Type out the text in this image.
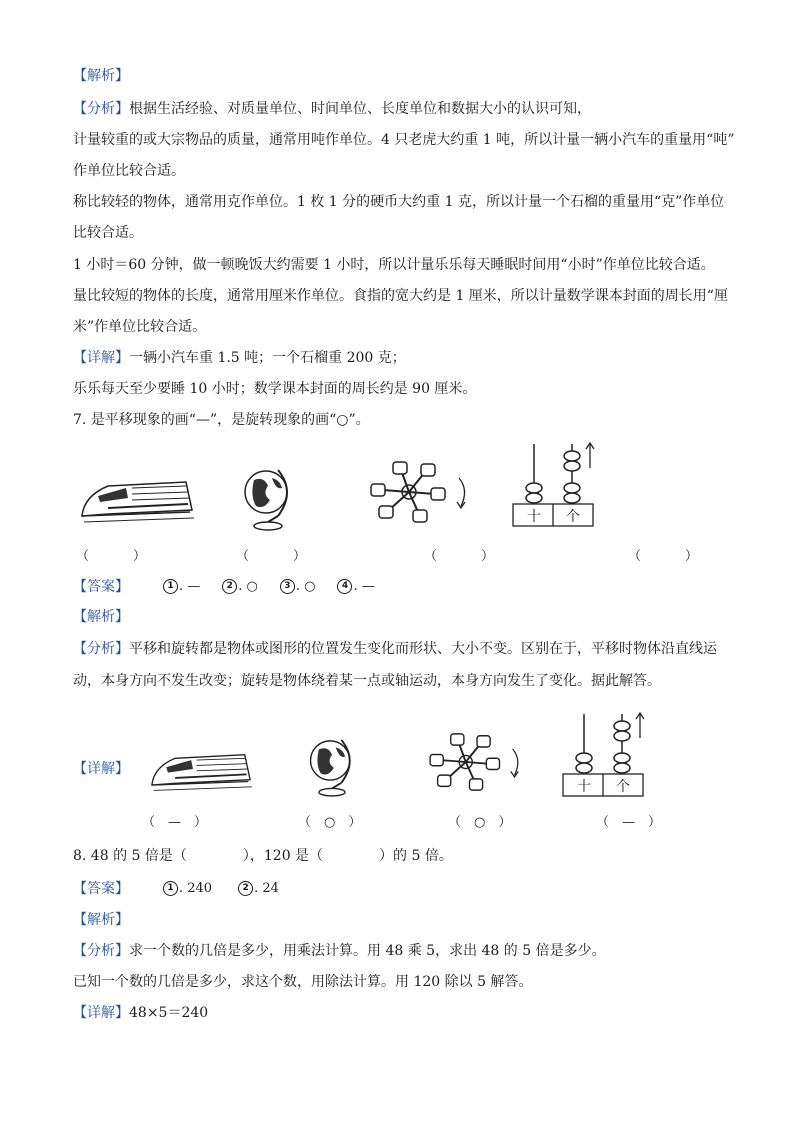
【解析】
【分析】根据生活经验、对质量单位、时间单位、长度单位和数据大小的认识可知，
计量较重的或大宗物品的质量，通常用吨作单位。4 只老虎大约重 1 吨，所以计量一辆小汽车的重量用“吨”
作单位比较合适。
称比较轻的物体，通常用克作单位。1 枚 1 分的硬币大约重 1 克，所以计量一个石榴的重量用“克”作单位
比较合适。
1 小时＝60 分钟，做一顿晚饭大约需要 1 小时，所以计量乐乐每天睡眠时间用“小时”作单位比较合适。
量比较短的物体的长度，通常用厘米作单位。食指的宽大约是 1 厘米，所以计量数学课本封面的周长用“厘
米”作单位比较合适。
【详解】一辆小汽车重 1.5 吨；一个石榴重 200 克；
乐乐每天至少要睡 10 小时；数学课本封面的周长约是 90 厘米。
7. 是平移现象的画“—”，是旋转现象的画“○”。
十 个
（	）	（	）	（	）	（	）
【答案】	1 . —	2 . ○	3 . ○	4 . —
【解析】
【分析】平移和旋转都是物体或图形的位置发生变化而形状、大小不变。区别在于，平移时物体沿直线运
动，本身方向不发生改变；旋转是物体绕着某一点或轴运动，本身方向发生了变化。据此解答。
【详解】
十 个
（　—　）	（　○　）	（　○　）	（　—　）
8. 48 的 5 倍是（　　　　），120 是（　　　　）的 5 倍。
【答案】	1 . 240	2 . 24
【解析】
【分析】求一个数的几倍是多少，用乘法计算。用 48 乘 5，求出 48 的 5 倍是多少。
已知一个数的几倍是多少，求这个数，用除法计算。用 120 除以 5 解答。
【详解】48×5＝240
